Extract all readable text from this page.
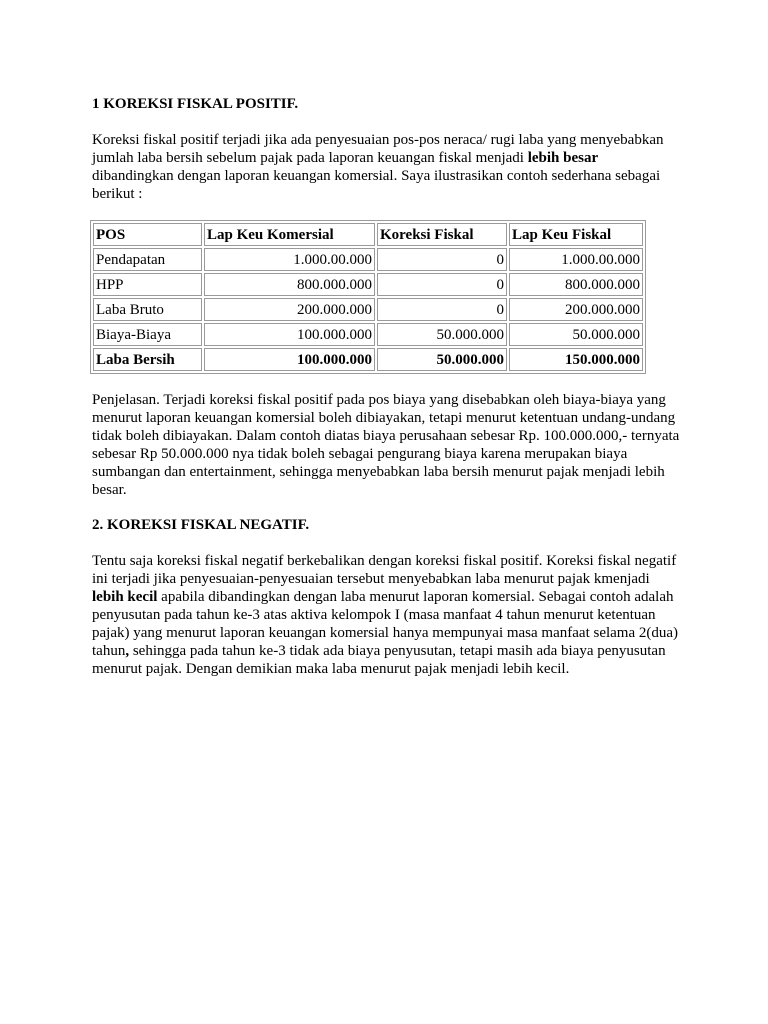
1 KOREKSI FISKAL POSITIF.

Koreksi fiskal positif terjadi jika ada penyesuaian pos-pos neraca/ rugi laba yang menyebabkan jumlah laba bersih sebelum pajak pada laporan keuangan fiskal menjadi lebih besar dibandingkan dengan laporan keuangan komersial. Saya ilustrasikan contoh sederhana sebagai berikut :

POS	Lap Keu Komersial	Koreksi Fiskal	Lap Keu Fiskal
Pendapatan	1.000.00.000	0	1.000.00.000
HPP	800.000.000	0	800.000.000
Laba Bruto	200.000.000	0	200.000.000
Biaya-Biaya	100.000.000	50.000.000	50.000.000
Laba Bersih	100.000.000	50.000.000	150.000.000

Penjelasan. Terjadi koreksi fiskal positif pada pos biaya yang disebabkan oleh biaya-biaya yang menurut laporan keuangan komersial boleh dibiayakan, tetapi menurut ketentuan undang-undang tidak boleh dibiayakan. Dalam contoh diatas biaya perusahaan sebesar Rp. 100.000.000,- ternyata sebesar Rp 50.000.000 nya tidak boleh sebagai pengurang biaya karena merupakan biaya sumbangan dan entertainment, sehingga menyebabkan laba bersih menurut pajak menjadi lebih besar.

2. KOREKSI FISKAL NEGATIF.

Tentu saja koreksi fiskal negatif berkebalikan dengan koreksi fiskal positif. Koreksi fiskal negatif ini terjadi jika penyesuaian-penyesuaian tersebut menyebabkan laba menurut pajak kmenjadi lebih kecil apabila dibandingkan dengan laba menurut laporan komersial. Sebagai contoh adalah penyusutan pada tahun ke-3 atas aktiva kelompok I (masa manfaat 4 tahun menurut ketentuan pajak) yang menurut laporan keuangan komersial hanya mempunyai masa manfaat selama 2(dua) tahun, sehingga pada tahun ke-3 tidak ada biaya penyusutan, tetapi masih ada biaya penyusutan menurut pajak. Dengan demikian maka laba menurut pajak menjadi lebih kecil.
